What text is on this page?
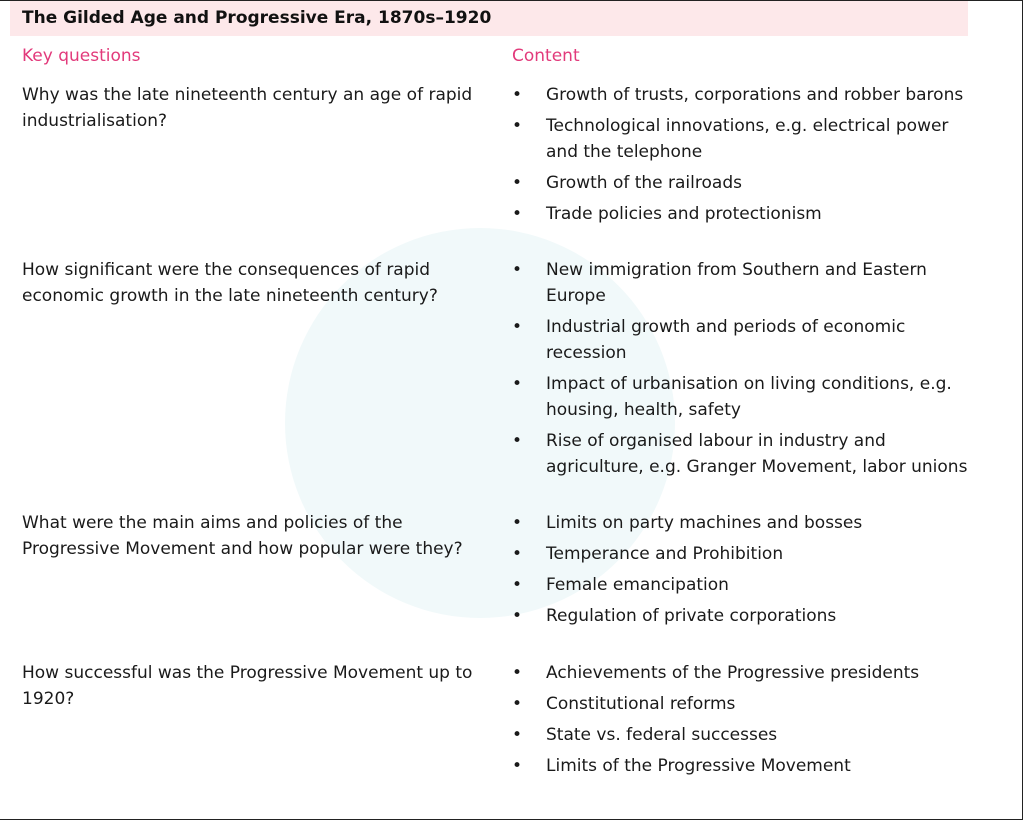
The Gilded Age and Progressive Era, 1870s–1920
Key questions	Content
Why was the late nineteenth century an age of rapid industrialisation?
• Growth of trusts, corporations and robber barons
• Technological innovations, e.g. electrical power and the telephone
• Growth of the railroads
• Trade policies and protectionism
How significant were the consequences of rapid economic growth in the late nineteenth century?
• New immigration from Southern and Eastern Europe
• Industrial growth and periods of economic recession
• Impact of urbanisation on living conditions, e.g. housing, health, safety
• Rise of organised labour in industry and agriculture, e.g. Granger Movement, labor unions
What were the main aims and policies of the Progressive Movement and how popular were they?
• Limits on party machines and bosses
• Temperance and Prohibition
• Female emancipation
• Regulation of private corporations
How successful was the Progressive Movement up to 1920?
• Achievements of the Progressive presidents
• Constitutional reforms
• State vs. federal successes
• Limits of the Progressive Movement
